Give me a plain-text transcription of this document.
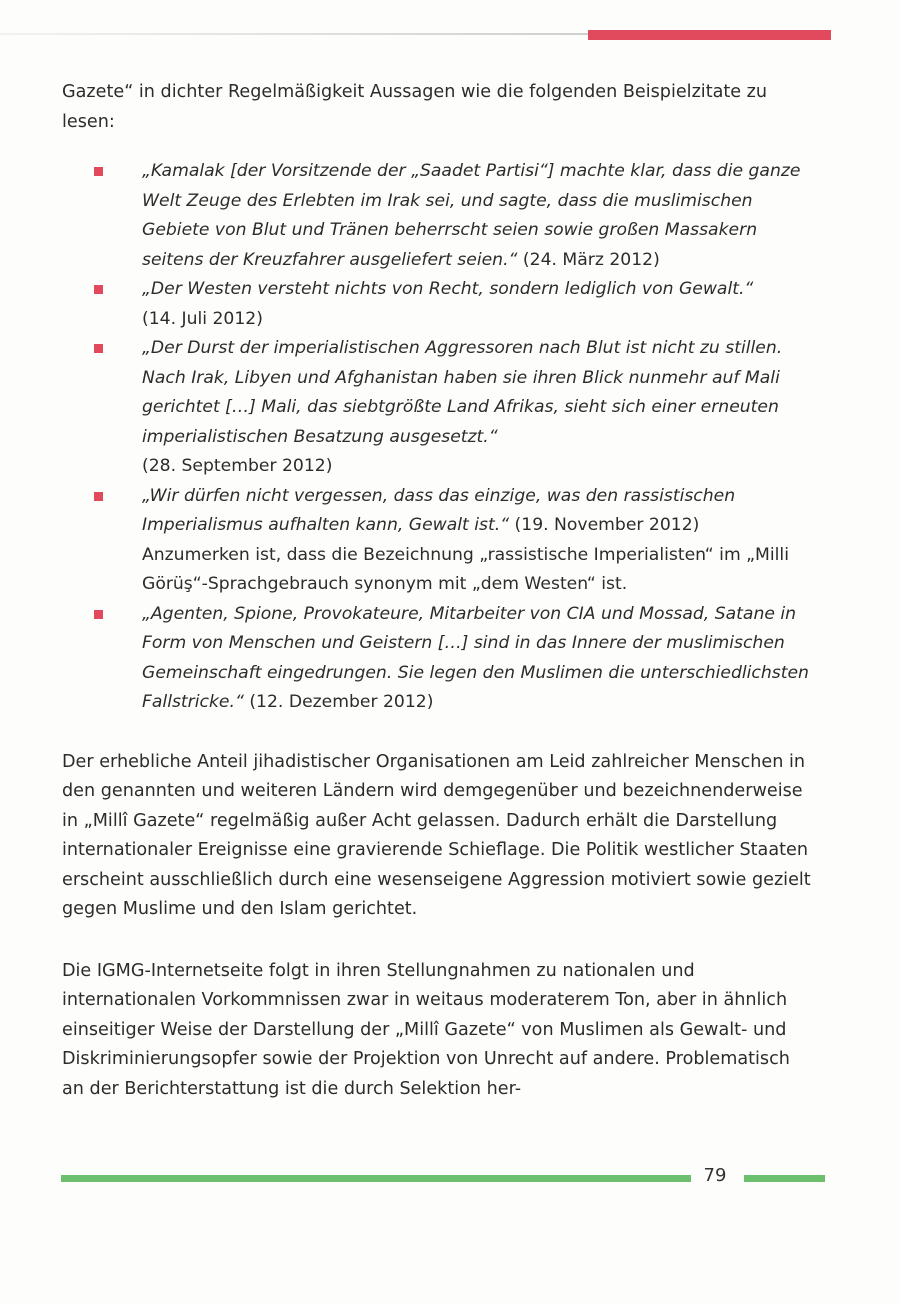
Gazete“ in dichter Regelmäßigkeit Aussagen wie die folgenden Beispielzitate zu lesen:

„Kamalak [der Vorsitzende der „Saadet Partisi“] machte klar, dass die ganze Welt Zeuge des Erlebten im Irak sei, und sagte, dass die muslimischen Gebiete von Blut und Tränen beherrscht seien sowie großen Massakern seitens der Kreuzfahrer ausgeliefert seien.“ (24. März 2012)
„Der Westen versteht nichts von Recht, sondern lediglich von Gewalt.“
(14. Juli 2012)
„Der Durst der imperialistischen Aggressoren nach Blut ist nicht zu stillen. Nach Irak, Libyen und Afghanistan haben sie ihren Blick nunmehr auf Mali gerichtet […] Mali, das siebtgrößte Land Afrikas, sieht sich einer erneuten imperialistischen Besatzung ausgesetzt.“
(28. September 2012)
„Wir dürfen nicht vergessen, dass das einzige, was den rassistischen Imperialismus aufhalten kann, Gewalt ist.“ (19. November 2012) Anzumerken ist, dass die Bezeichnung „rassistische Imperialisten“ im „Milli Görüş“-Sprachgebrauch synonym mit „dem Westen“ ist.
„Agenten, Spione, Provokateure, Mitarbeiter von CIA und Mossad, Satane in Form von Menschen und Geistern […] sind in das Innere der muslimischen Gemeinschaft eingedrungen. Sie legen den Muslimen die unterschiedlichsten Fallstricke.“ (12. Dezember 2012)

Der erhebliche Anteil jihadistischer Organisationen am Leid zahlreicher Menschen in den genannten und weiteren Ländern wird demgegenüber und bezeichnenderweise in „Millî Gazete“ regelmäßig außer Acht gelassen. Dadurch erhält die Darstellung internationaler Ereignisse eine gravierende Schieflage. Die Politik westlicher Staaten erscheint ausschließlich durch eine wesenseigene Aggression motiviert sowie gezielt gegen Muslime und den Islam gerichtet.

Die IGMG-Internetseite folgt in ihren Stellungnahmen zu nationalen und internationalen Vorkommnissen zwar in weitaus moderaterem Ton, aber in ähnlich einseitiger Weise der Darstellung der „Millî Gazete“ von Muslimen als Gewalt- und Diskriminierungsopfer sowie der Projektion von Unrecht auf andere. Problematisch an der Berichterstattung ist die durch Selektion her-

79
